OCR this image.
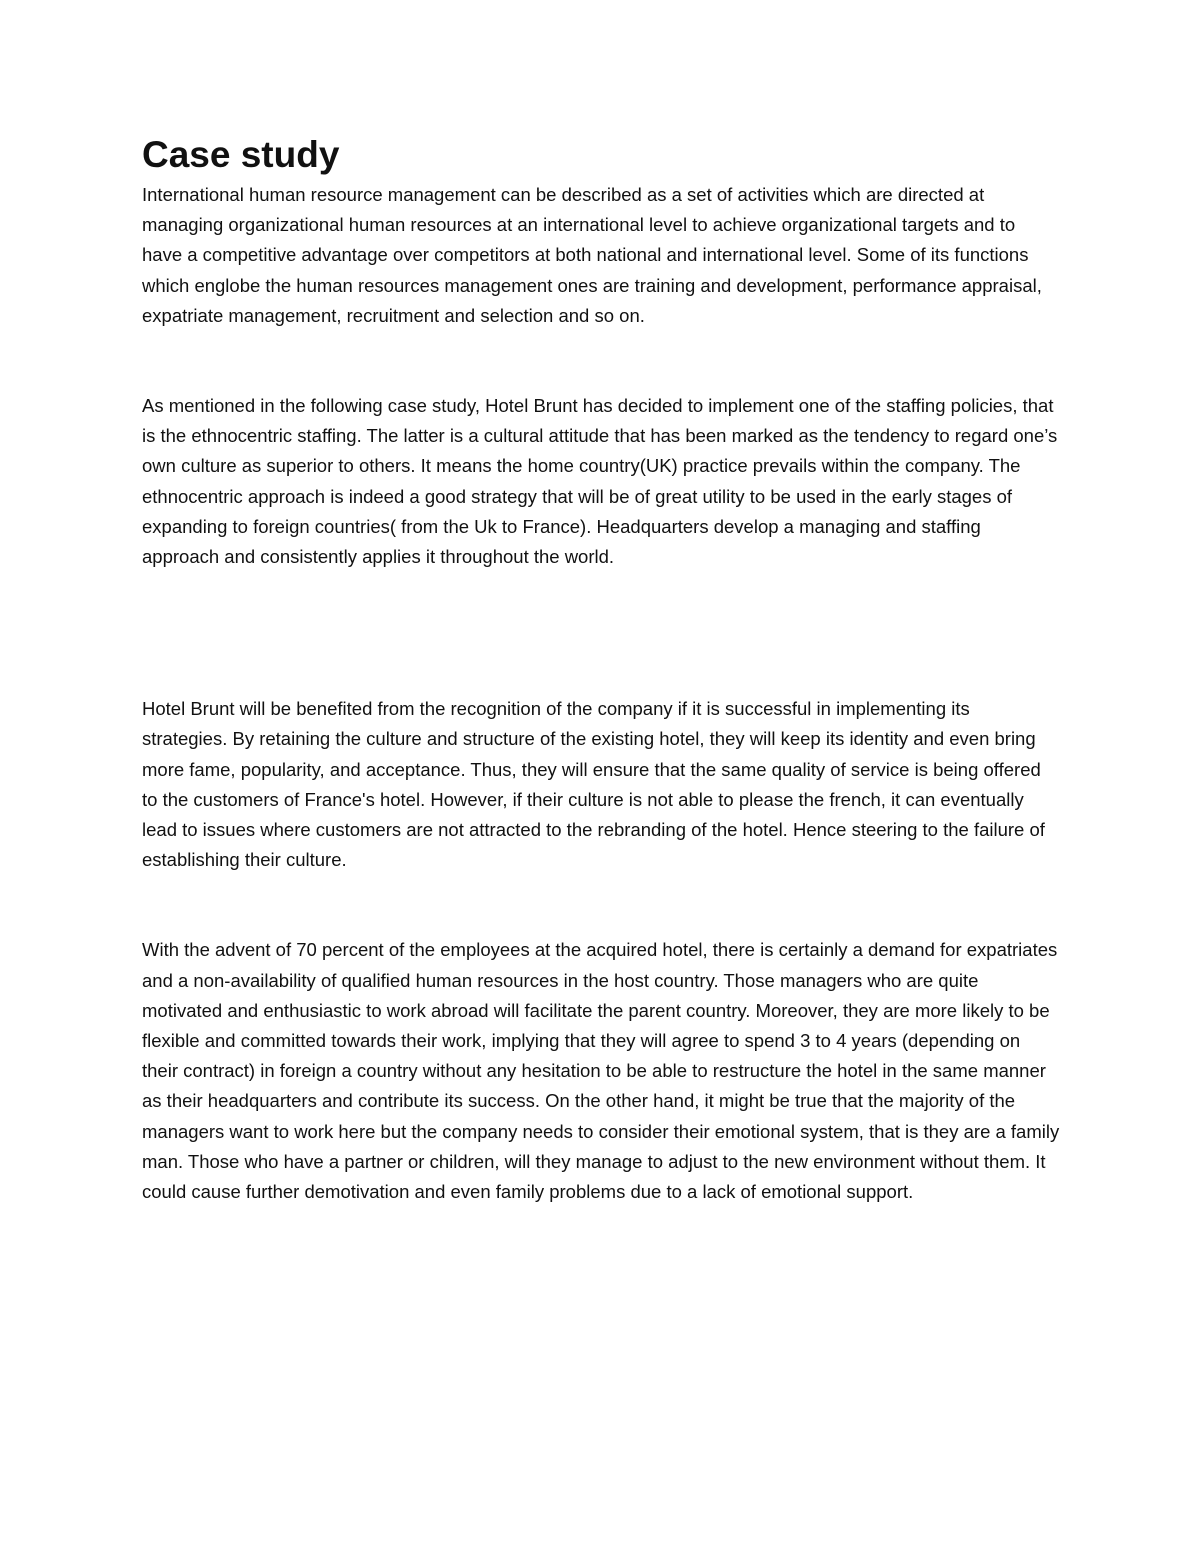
Case study

International human resource management can be described as a set of activities which are directed at managing organizational human resources at an international level to achieve organizational targets and to have a competitive advantage over competitors at both national and international level. Some of its functions which englobe the human resources management ones are training and development, performance appraisal, expatriate management, recruitment and selection and so on.

As mentioned in the following case study, Hotel Brunt has decided to implement one of the staffing policies, that is the ethnocentric staffing. The latter is a cultural attitude that has been marked as the tendency to regard one’s own culture as superior to others. It means the home country(UK) practice prevails within the company. The ethnocentric approach is indeed a good strategy that will be of great utility to be used in the early stages of expanding to foreign countries( from the Uk to France). Headquarters develop a managing and staffing approach and consistently applies it throughout the world.

Hotel Brunt will be benefited from the recognition of the company if it is successful in implementing its strategies. By retaining the culture and structure of the existing hotel, they will keep its identity and even bring more fame, popularity, and acceptance. Thus, they will ensure that the same quality of service is being offered to the customers of France's hotel. However, if their culture is not able to please the french, it can eventually lead to issues where customers are not attracted to the rebranding of the hotel. Hence steering to the failure of establishing their culture.

With the advent of 70 percent of the employees at the acquired hotel, there is certainly a demand for expatriates and a non-availability of qualified human resources in the host country. Those managers who are quite motivated and enthusiastic to work abroad will facilitate the parent country. Moreover, they are more likely to be flexible and committed towards their work, implying that they will agree to spend 3 to 4 years (depending on their contract) in foreign a country without any hesitation to be able to restructure the hotel in the same manner as their headquarters and contribute its success. On the other hand, it might be true that the majority of the managers want to work here but the company needs to consider their emotional system, that is they are a family man. Those who have a partner or children, will they manage to adjust to the new environment without them. It could cause further demotivation and even family problems due to a lack of emotional support.
